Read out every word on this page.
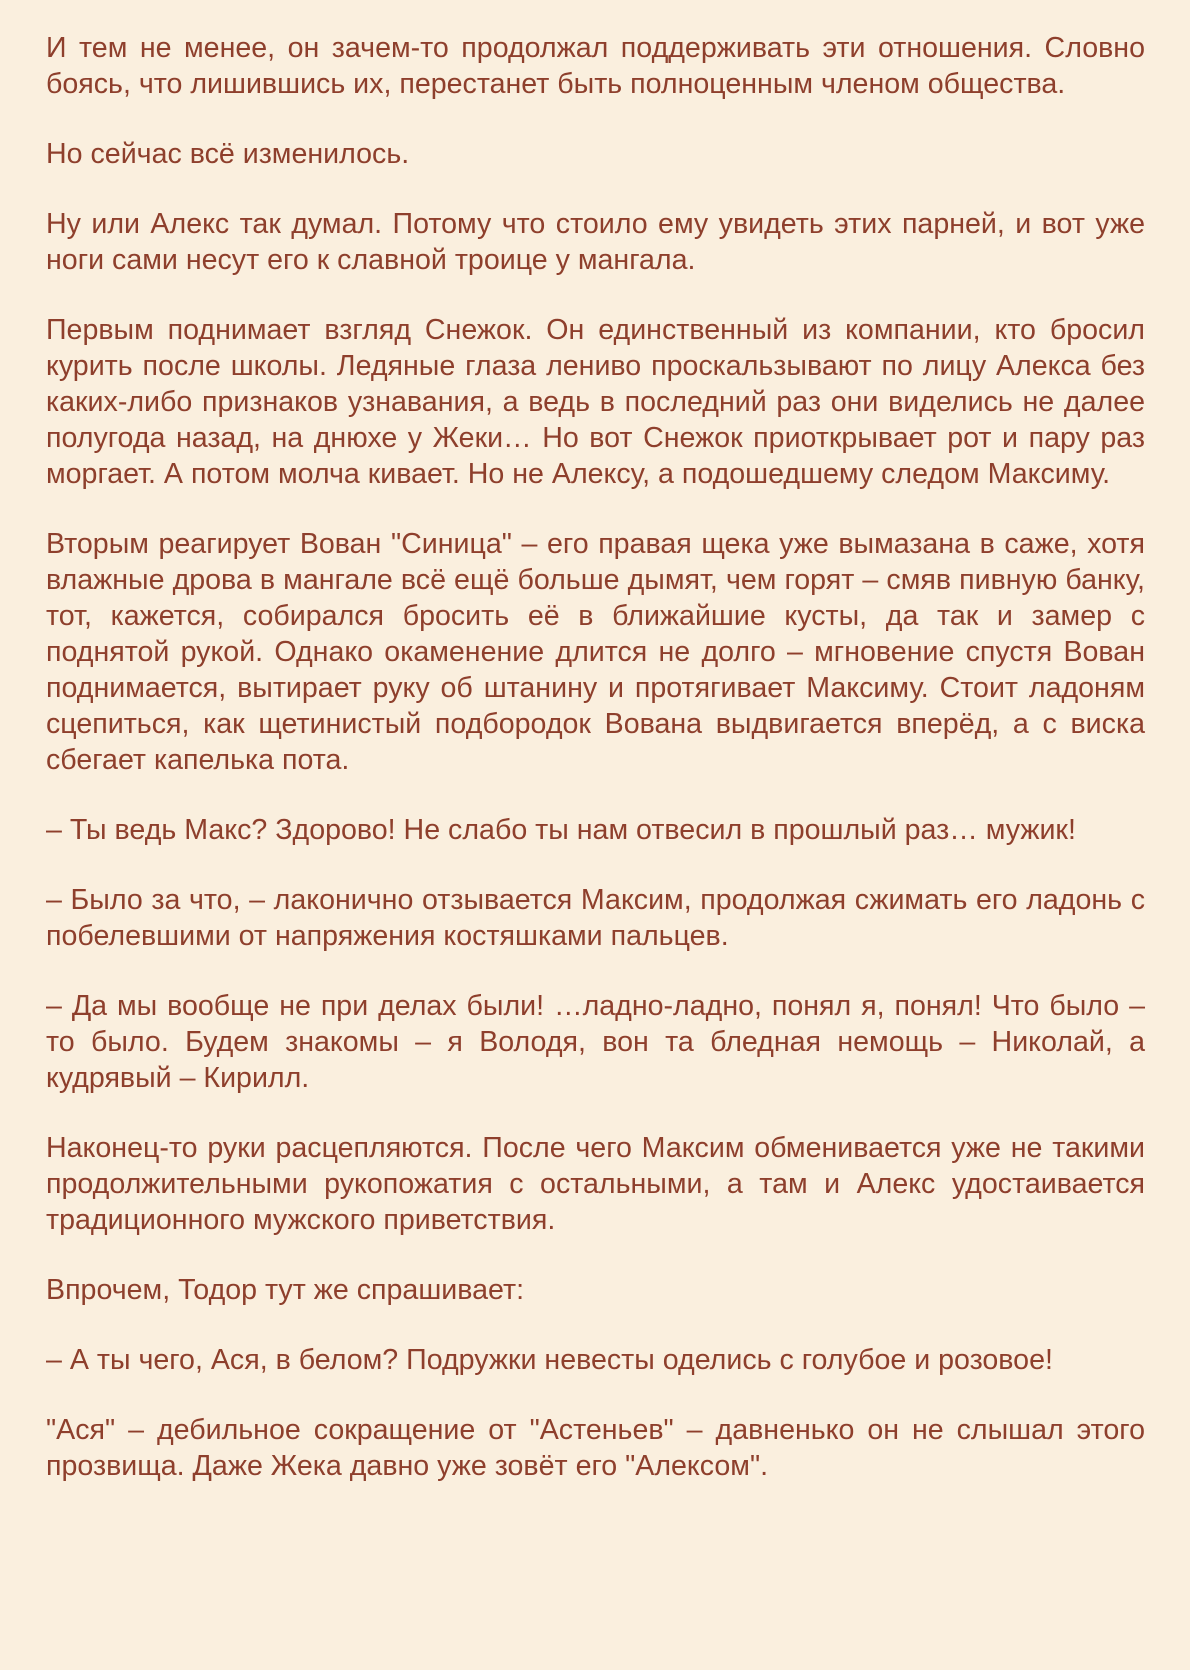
И тем не менее, он зачем-то продолжал поддерживать эти отношения. Словно боясь, что лишившись их, перестанет быть полноценным членом общества.

Но сейчас всё изменилось.

Ну или Алекс так думал. Потому что стоило ему увидеть этих парней, и вот уже ноги сами несут его к славной троице у мангала.

Первым поднимает взгляд Снежок. Он единственный из компании, кто бросил курить после школы. Ледяные глаза лениво проскальзывают по лицу Алекса без каких-либо признаков узнавания, а ведь в последний раз они виделись не далее полугода назад, на днюхе у Жеки… Но вот Снежок приоткрывает рот и пару раз моргает. А потом молча кивает. Но не Алексу, а подошедшему следом Максиму.

Вторым реагирует Вован "Синица" – его правая щека уже вымазана в саже, хотя влажные дрова в мангале всё ещё больше дымят, чем горят – смяв пивную банку, тот, кажется, собирался бросить её в ближайшие кусты, да так и замер с поднятой рукой. Однако окаменение длится не долго – мгновение спустя Вован поднимается, вытирает руку об штанину и протягивает Максиму. Стоит ладоням сцепиться, как щетинистый подбородок Вована выдвигается вперёд, а с виска сбегает капелька пота.

– Ты ведь Макс? Здорово! Не слабо ты нам отвесил в прошлый раз… мужик!

– Было за что, – лаконично отзывается Максим, продолжая сжимать его ладонь с побелевшими от напряжения костяшками пальцев.

– Да мы вообще не при делах были! …ладно-ладно, понял я, понял! Что было – то было. Будем знакомы – я Володя, вон та бледная немощь – Николай, а кудрявый – Кирилл.

Наконец-то руки расцепляются. После чего Максим обменивается уже не такими продолжительными рукопожатия с остальными, а там и Алекс удостаивается традиционного мужского приветствия.

Впрочем, Тодор тут же спрашивает:

– А ты чего, Ася, в белом? Подружки невесты оделись с голубое и розовое!

"Ася" – дебильное сокращение от "Астеньев" – давненько он не слышал этого прозвища. Даже Жека давно уже зовёт его "Алексом".
